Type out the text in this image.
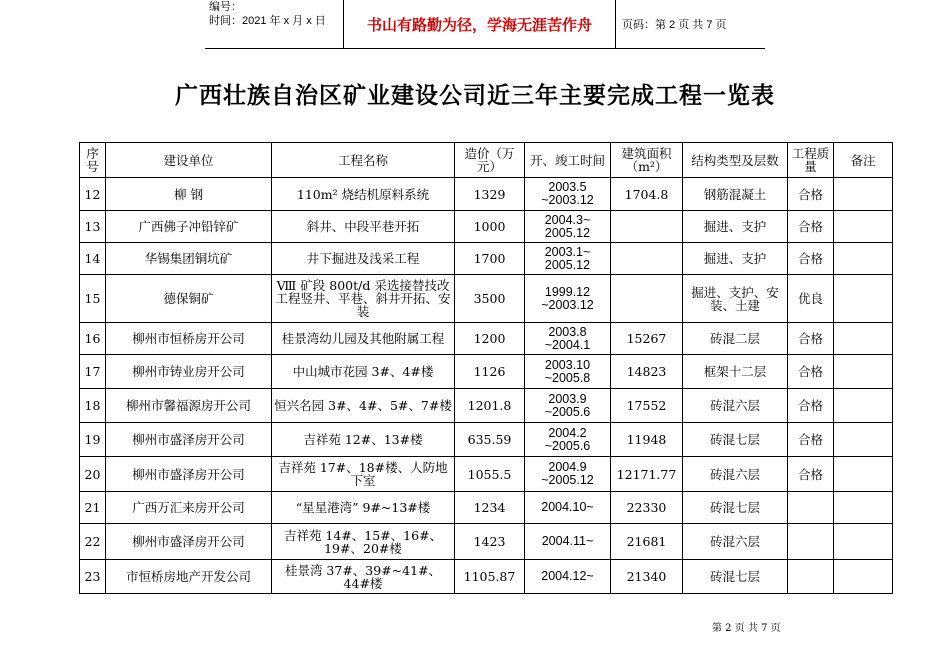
编号：
时间：2021 年 x 月 x 日	书山有路勤为径，学海无涯苦作舟	页码：第 2 页 共 7 页
广西壮族自治区矿业建设公司近三年主要完成工程一览表
序号	建设单位	工程名称	造价（万元）	开、竣工时间	建筑面积（m²）	结构类型及层数	工程质量	备注
12	柳 钢	110m² 烧结机原料系统	1329	2003.5 ~2003.12	1704.8	钢筋混凝土	合格	
13	广西佛子冲铅锌矿	斜井、中段平巷开拓	1000	2004.3~ 2005.12		掘进、支护	合格	
14	华锡集团铜坑矿	井下掘进及浅采工程	1700	2003.1~ 2005.12		掘进、支护	合格	
15	德保铜矿	Ⅷ 矿段 800t/d 采选接替技改工程竖井、平巷、斜井开拓、安装	3500	1999.12 ~2003.12		掘进、支护、安装、土建	优良	
16	柳州市恒桥房开公司	桂景湾幼儿园及其他附属工程	1200	2003.8 ~2004.1	15267	砖混二层	合格	
17	柳州市铸业房开公司	中山城市花园 3#、4#楼	1126	2003.10 ~2005.8	14823	框架十二层	合格	
18	柳州市馨福源房开公司	恒兴名园 3#、4#、5#、7#楼	1201.8	2003.9 ~2005.6	17552	砖混六层	合格	
19	柳州市盛泽房开公司	吉祥苑 12#、13#楼	635.59	2004.2 ~2005.6	11948	砖混七层	合格	
20	柳州市盛泽房开公司	吉祥苑 17#、18#楼、人防地下室	1055.5	2004.9 ~2005.12	12171.77	砖混六层	合格	
21	广西万汇来房开公司	“星星港湾” 9#~13#楼	1234	2004.10~	22330	砖混七层		
22	柳州市盛泽房开公司	吉祥苑 14#、15#、16#、19#、20#楼	1423	2004.11~	21681	砖混六层		
23	市恒桥房地产开发公司	桂景湾 37#、39#~41#、44#楼	1105.87	2004.12~	21340	砖混七层		
第 2 页 共 7 页
